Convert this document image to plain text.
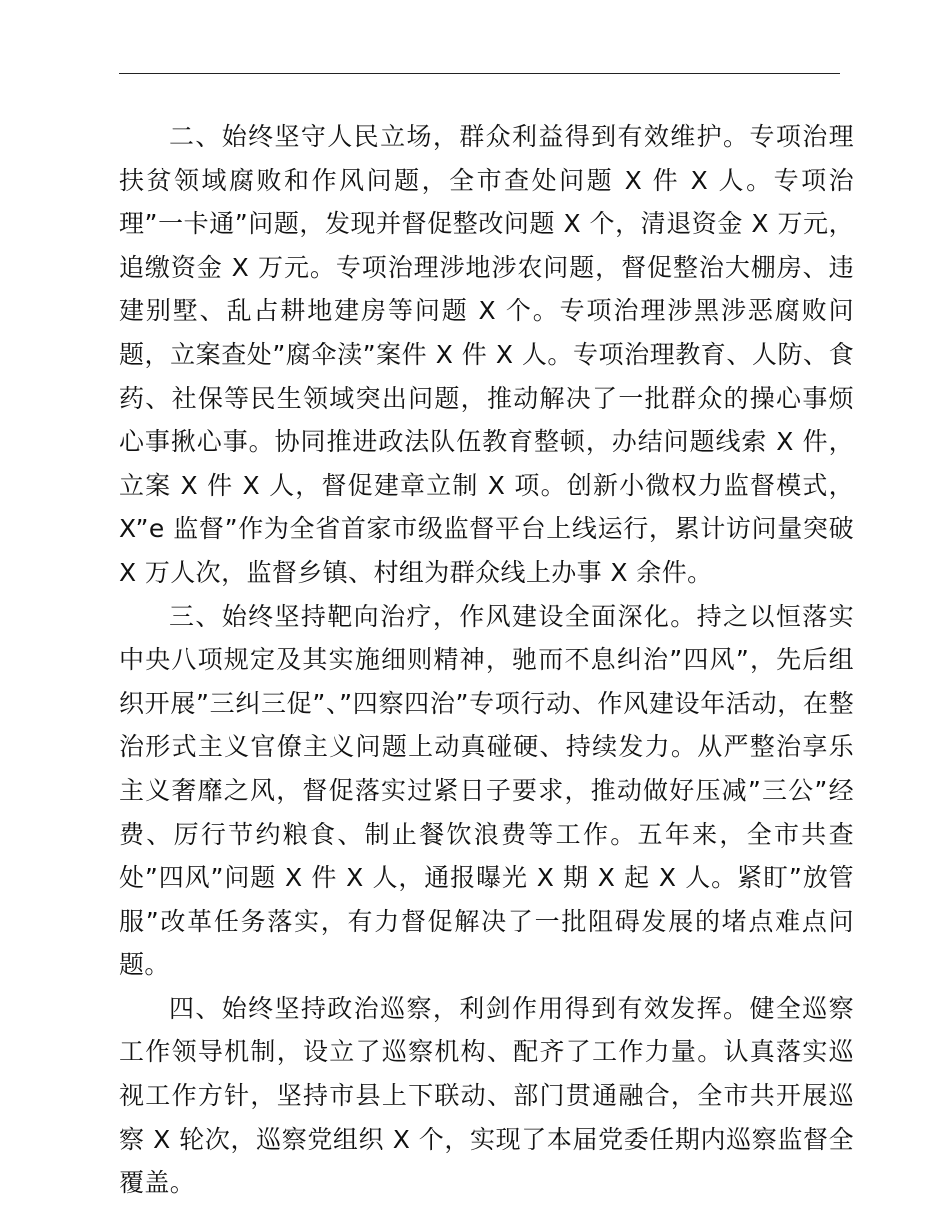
二、始终坚守人民立场，群众利益得到有效维护。专项治理扶贫领域腐败和作风问题，全市查处问题 X 件 X 人。专项治理”一卡通”问题，发现并督促整改问题 X 个，清退资金 X 万元，追缴资金 X 万元。专项治理涉地涉农问题，督促整治大棚房、违建别墅、乱占耕地建房等问题 X 个。专项治理涉黑涉恶腐败问题，立案查处”腐伞渎”案件 X 件 X 人。专项治理教育、人防、食药、社保等民生领域突出问题，推动解决了一批群众的操心事烦心事揪心事。协同推进政法队伍教育整顿，办结问题线索 X 件，立案 X 件 X 人，督促建章立制 X 项。创新小微权力监督模式，X”e 监督”作为全省首家市级监督平台上线运行，累计访问量突破 X 万人次，监督乡镇、村组为群众线上办事 X 余件。

三、始终坚持靶向治疗，作风建设全面深化。持之以恒落实中央八项规定及其实施细则精神，驰而不息纠治”四风”，先后组织开展”三纠三促”、”四察四治”专项行动、作风建设年活动，在整治形式主义官僚主义问题上动真碰硬、持续发力。从严整治享乐主义奢靡之风，督促落实过紧日子要求，推动做好压减”三公”经费、厉行节约粮食、制止餐饮浪费等工作。五年来，全市共查处”四风”问题 X 件 X 人，通报曝光 X 期 X 起 X 人。紧盯”放管服”改革任务落实，有力督促解决了一批阻碍发展的堵点难点问题。

四、始终坚持政治巡察，利剑作用得到有效发挥。健全巡察工作领导机制，设立了巡察机构、配齐了工作力量。认真落实巡视工作方针，坚持市县上下联动、部门贯通融合，全市共开展巡察 X 轮次，巡察党组织 X 个，实现了本届党委任期内巡察监督全覆盖。
